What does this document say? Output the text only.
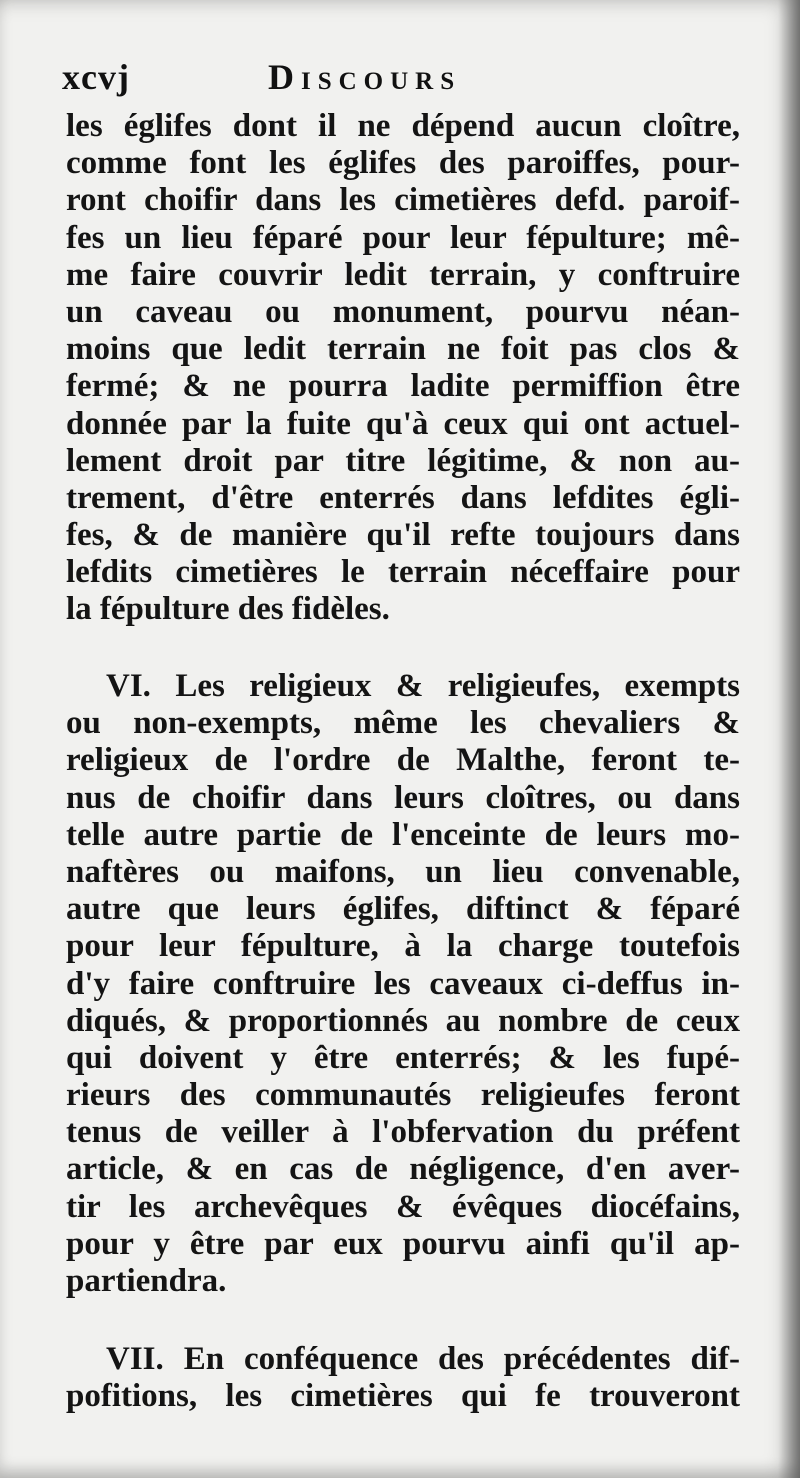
xcvj	Discours
les églifes dont il ne dépend aucun cloître,
comme font les églifes des paroiffes, pour-
ront choifir dans les cimetières defd. paroif-
fes un lieu féparé pour leur fépulture; mê-
me faire couvrir ledit terrain, y conftruire
un caveau ou monument, pourvu néan-
moins que ledit terrain ne foit pas clos &
fermé; & ne pourra ladite permiffion être
donnée par la fuite qu'à ceux qui ont actuel-
lement droit par titre légitime, & non au-
trement, d'être enterrés dans lefdites égli-
fes, & de manière qu'il refte toujours dans
lefdits cimetières le terrain néceffaire pour
la fépulture des fidèles.
VI. Les religieux & religieufes, exempts
ou non-exempts, même les chevaliers &
religieux de l'ordre de Malthe, feront te-
nus de choifir dans leurs cloîtres, ou dans
telle autre partie de l'enceinte de leurs mo-
naftères ou maifons, un lieu convenable,
autre que leurs églifes, diftinct & féparé
pour leur fépulture, à la charge toutefois
d'y faire conftruire les caveaux ci-deffus in-
diqués, & proportionnés au nombre de ceux
qui doivent y être enterrés; & les fupé-
rieurs des communautés religieufes feront
tenus de veiller à l'obfervation du préfent
article, & en cas de négligence, d'en aver-
tir les archevêques & évêques diocéfains,
pour y être par eux pourvu ainfi qu'il ap-
partiendra.
VII. En conféquence des précédentes dif-
pofitions, les cimetières qui fe trouveront
